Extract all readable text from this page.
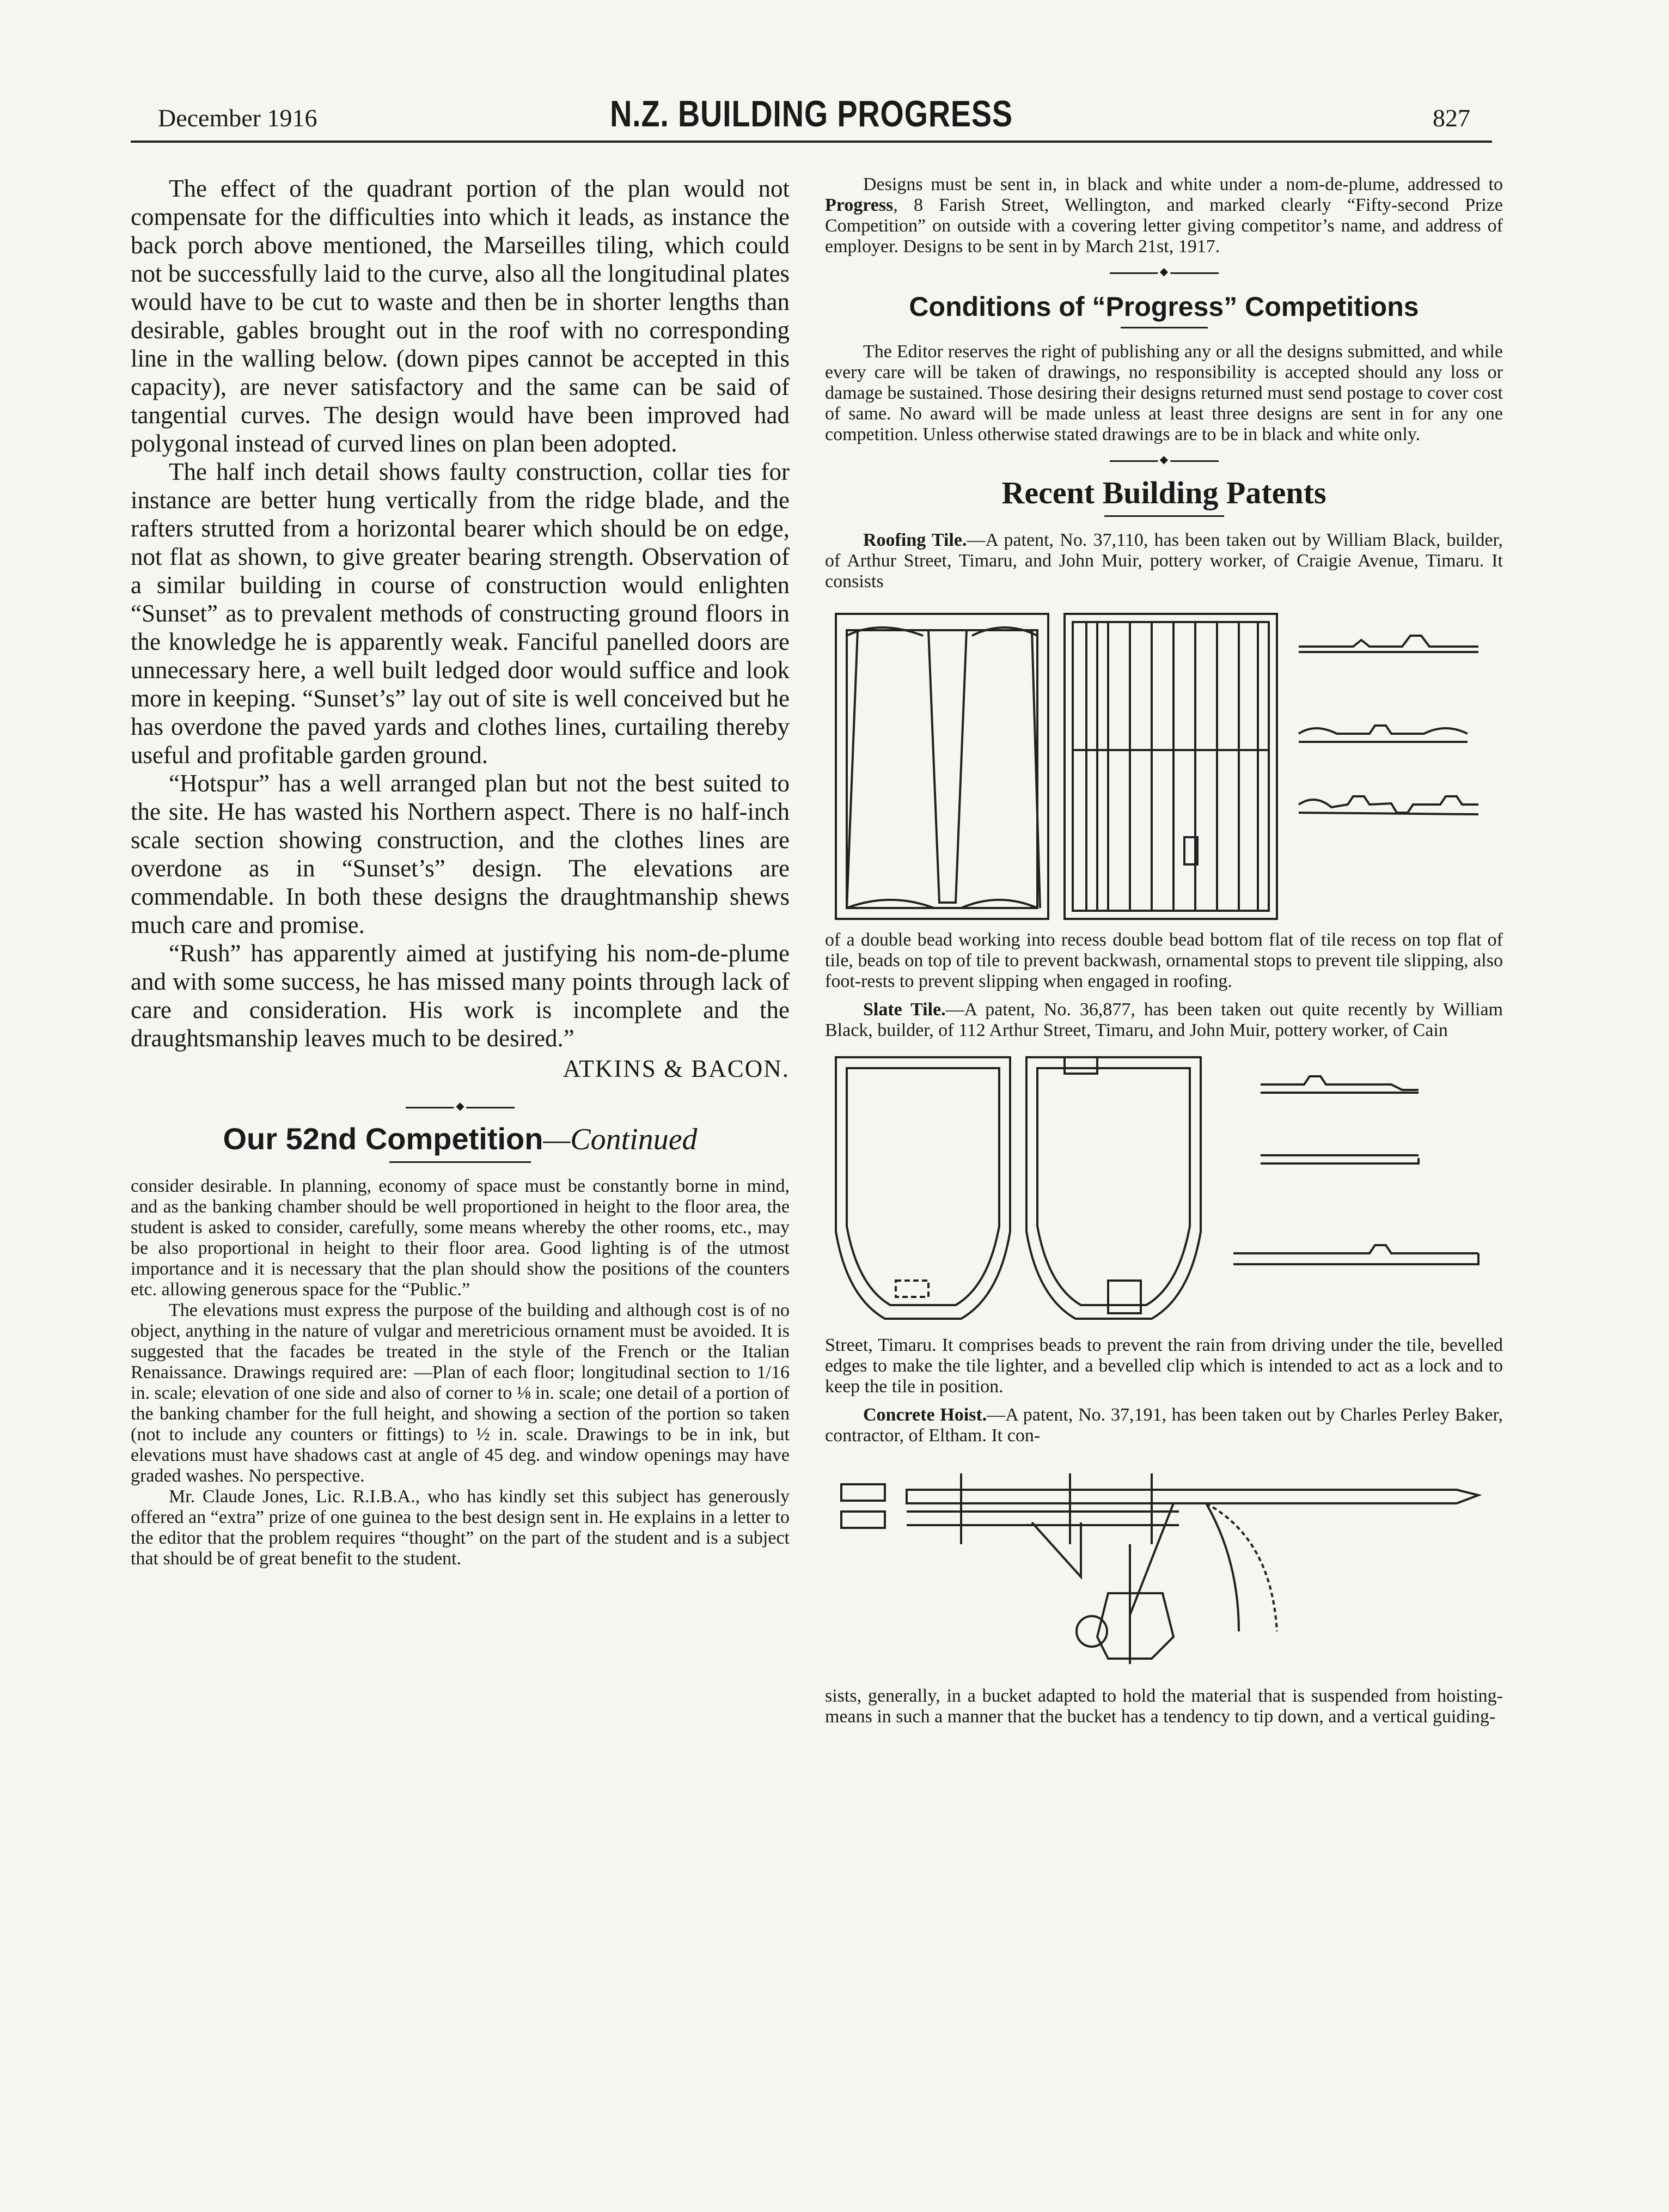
December 1916	N.Z. BUILDING PROGRESS	827

The effect of the quadrant portion of the plan would not compensate for the difficulties into which it leads, as instance the back porch above mentioned, the Marseilles tiling, which could not be successfully laid to the curve, also all the longitudinal plates would have to be cut to waste and then be in shorter lengths than desirable, gables brought out in the roof with no corresponding line in the walling below. (down pipes cannot be accepted in this capacity), are never satisfactory and the same can be said of tangential curves. The design would have been improved had polygonal instead of curved lines on plan been adopted.

The half inch detail shows faulty construction, collar ties for instance are better hung vertically from the ridge blade, and the rafters strutted from a horizontal bearer which should be on edge, not flat as shown, to give greater bearing strength. Observation of a similar building in course of construction would enlighten “Sunset” as to prevalent methods of constructing ground floors in the knowledge he is apparently weak. Fanciful panelled doors are unnecessary here, a well built ledged door would suffice and look more in keeping. “Sunset’s” lay out of site is well conceived but he has overdone the paved yards and clothes lines, curtailing thereby useful and profitable garden ground.

“Hotspur” has a well arranged plan but not the best suited to the site. He has wasted his Northern aspect. There is no half-inch scale section showing construction, and the clothes lines are overdone as in “Sunset’s” design. The elevations are commendable. In both these designs the draughtmanship shews much care and promise.

“Rush” has apparently aimed at justifying his nom-de-plume and with some success, he has missed many points through lack of care and consideration. His work is incomplete and the draughtsmanship leaves much to be desired.”

ATKINS & BACON.
◆
Our 52nd Competition—Continued

consider desirable. In planning, economy of space must be constantly borne in mind, and as the banking chamber should be well proportioned in height to the floor area, the student is asked to consider, carefully, some means whereby the other rooms, etc., may be also proportional in height to their floor area. Good lighting is of the utmost importance and it is necessary that the plan should show the positions of the counters etc. allowing generous space for the “Public.”

The elevations must express the purpose of the building and although cost is of no object, anything in the nature of vulgar and meretricious ornament must be avoided. It is suggested that the facades be treated in the style of the French or the Italian Renaissance. Drawings required are: —Plan of each floor; longitudinal section to 1/16 in. scale; elevation of one side and also of corner to ⅛ in. scale; one detail of a portion of the banking chamber for the full height, and showing a section of the portion so taken (not to include any counters or fittings) to ½ in. scale. Drawings to be in ink, but elevations must have shadows cast at angle of 45 deg. and window openings may have graded washes. No perspective.

Mr. Claude Jones, Lic. R.I.B.A., who has kindly set this subject has generously offered an “extra” prize of one guinea to the best design sent in. He explains in a letter to the editor that the problem requires “thought” on the part of the student and is a subject that should be of great benefit to the student.

Designs must be sent in, in black and white under a nom-de-plume, addressed to Progress, 8 Farish Street, Wellington, and marked clearly “Fifty-second Prize Competition” on outside with a covering letter giving competitor’s name, and address of employer. Designs to be sent in by March 21st, 1917.

◆
Conditions of “Progress” Competitions

The Editor reserves the right of publishing any or all the designs submitted, and while every care will be taken of drawings, no responsibility is accepted should any loss or damage be sustained. Those desiring their designs returned must send postage to cover cost of same. No award will be made unless at least three designs are sent in for any one competition. Unless otherwise stated drawings are to be in black and white only.

◆
Recent Building Patents

Roofing Tile.—A patent, No. 37,110, has been taken out by William Black, builder, of Arthur Street, Timaru, and John Muir, pottery worker, of Craigie Avenue, Timaru. It consists

of a double bead working into recess double bead bottom flat of tile recess on top flat of tile, beads on top of tile to prevent backwash, ornamental stops to prevent tile slipping, also foot-rests to prevent slipping when engaged in roofing.

Slate Tile.—A patent, No. 36,877, has been taken out quite recently by William Black, builder, of 112 Arthur Street, Timaru, and John Muir, pottery worker, of Cain

Street, Timaru. It comprises beads to prevent the rain from driving under the tile, bevelled edges to make the tile lighter, and a bevelled clip which is intended to act as a lock and to keep the tile in position.

Concrete Hoist.—A patent, No. 37,191, has been taken out by Charles Perley Baker, contractor, of Eltham. It con-

sists, generally, in a bucket adapted to hold the material that is suspended from hoisting-means in such a manner that the bucket has a tendency to tip down, and a vertical guiding-
